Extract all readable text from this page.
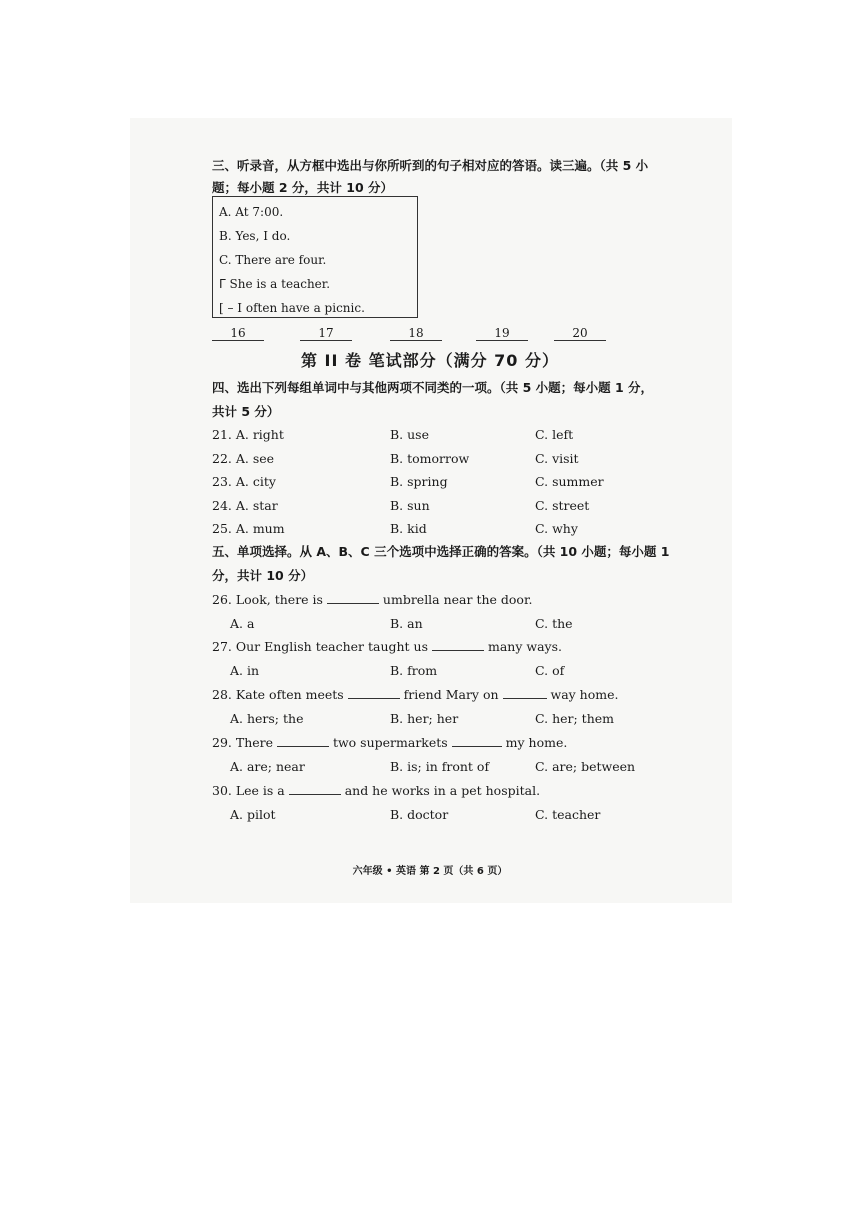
三、听录音，从方框中选出与你所听到的句子相对应的答语。读三遍。（共 5 小
题；每小题 2 分，共计 10 分）
A. At 7:00.
B. Yes, I do.
C. There are four.
ᒥ She is a teacher.
[ – I often have a picnic.
16	17	18	19	20
第 II 卷 笔试部分（满分 70 分）
四、选出下列每组单词中与其他两项不同类的一项。（共 5 小题；每小题 1 分，
共计 5 分）
21. A. right	B. use	C. left
22. A. see	B. tomorrow	C. visit
23. A. city	B. spring	C. summer
24. A. star	B. sun	C. street
25. A. mum	B. kid	C. why
五、单项选择。从 A、B、C 三个选项中选择正确的答案。（共 10 小题；每小题 1
分，共计 10 分）
26. Look, there is	umbrella near the door.
A. a	B. an	C. the
27. Our English teacher taught us	many ways.
A. in	B. from	C. of
28. Kate often meets	friend Mary on	way home.
A. hers; the	B. her; her	C. her; them
29. There	two supermarkets	my home.
A. are; near	B. is; in front of	C. are; between
30. Lee is a	and he works in a pet hospital.
A. pilot	B. doctor	C. teacher
六年级 • 英语 第 2 页（共 6 页）
